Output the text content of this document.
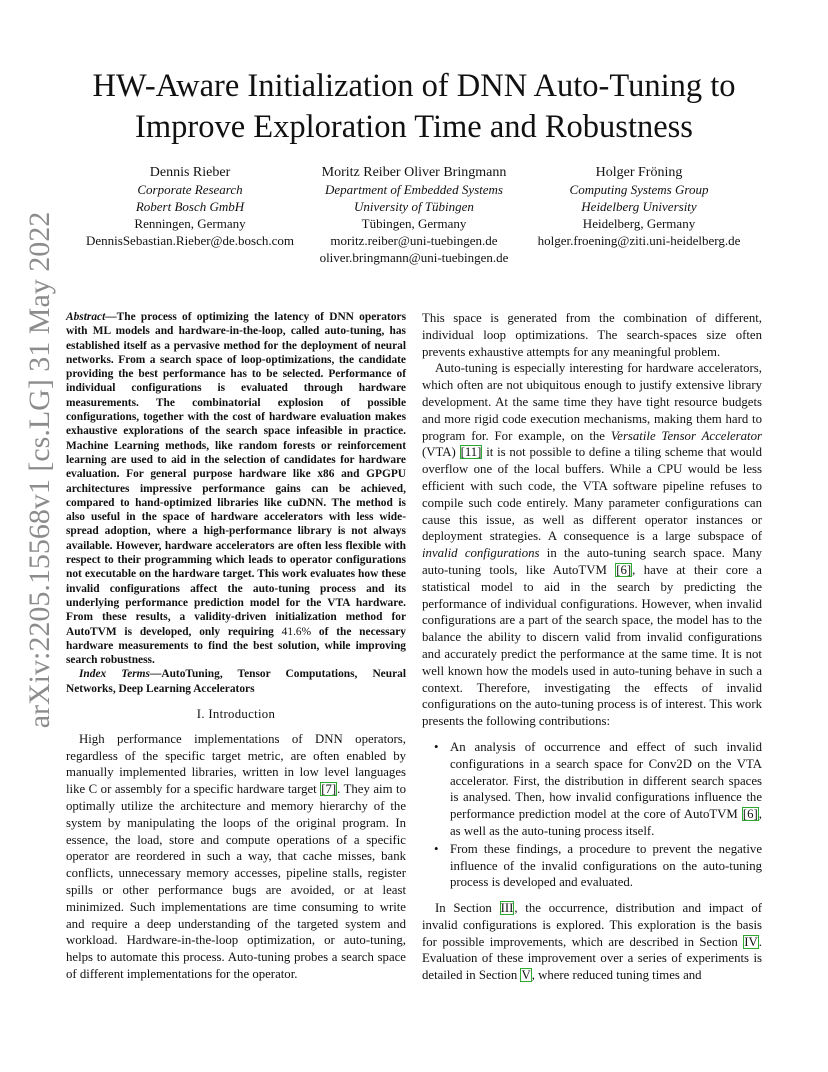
HW-Aware Initialization of DNN Auto-Tuning to
Improve Exploration Time and Robustness
Dennis Rieber
Corporate Research
Robert Bosch GmbH
Renningen, Germany
DennisSebastian.Rieber@de.bosch.com
Moritz Reiber Oliver Bringmann
Department of Embedded Systems
University of Tübingen
Tübingen, Germany
moritz.reiber@uni-tuebingen.de
oliver.bringmann@uni-tuebingen.de
Holger Fröning
Computing Systems Group
Heidelberg University
Heidelberg, Germany
holger.froening@ziti.uni-heidelberg.de
arXiv:2205.15568v1 [cs.LG] 31 May 2022 Abstract—The process of optimizing the latency of DNN operators with ML models and hardware-in-the-loop, called auto-tuning, has established itself as a pervasive method for the deployment of neural networks. From a search space of loop-optimizations, the candidate providing the best performance has to be selected. Performance of individual configurations is evaluated through hardware measurements. The combinatorial explosion of possible configurations, together with the cost of hardware evaluation makes exhaustive explorations of the search space infeasible in practice. Machine Learning methods, like random forests or reinforcement learning are used to aid in the selection of candidates for hardware evaluation. For general purpose hardware like x86 and GPGPU architectures impressive performance gains can be achieved, compared to hand-optimized libraries like cuDNN. The method is also useful in the space of hardware accelerators with less wide-spread adoption, where a high-performance library is not always available. However, hardware accelerators are often less flexible with respect to their programming which leads to operator configurations not executable on the hardware target. This work evaluates how these invalid configurations affect the auto-tuning process and its underlying performance prediction model for the VTA hardware. From these results, a validity-driven initialization method for AutoTVM is developed, only requiring 41.6% of the necessary hardware measurements to find the best solution, while improving search robustness.

Index Terms—AutoTuning, Tensor Computations, Neural Networks, Deep Learning Accelerators

I. Introduction

High performance implementations of DNN operators, regardless of the specific target metric, are often enabled by manually implemented libraries, written in low level languages like C or assembly for a specific hardware target [7]. They aim to optimally utilize the architecture and memory hierarchy of the system by manipulating the loops of the original program. In essence, the load, store and compute operations of a specific operator are reordered in such a way, that cache misses, bank conflicts, unnecessary memory accesses, pipeline stalls, register spills or other performance bugs are avoided, or at least minimized. Such implementations are time consuming to write and require a deep understanding of the targeted system and workload. Hardware-in-the-loop optimization, or auto-tuning, helps to automate this process. Auto-tuning probes a search space of different implementations for the operator.

This space is generated from the combination of different, individual loop optimizations. The search-spaces size often prevents exhaustive attempts for any meaningful problem.

Auto-tuning is especially interesting for hardware accelerators, which often are not ubiquitous enough to justify extensive library development. At the same time they have tight resource budgets and more rigid code execution mechanisms, making them hard to program for. For example, on the Versatile Tensor Accelerator (VTA) [11] it is not possible to define a tiling scheme that would overflow one of the local buffers. While a CPU would be less efficient with such code, the VTA software pipeline refuses to compile such code entirely. Many parameter configurations can cause this issue, as well as different operator instances or deployment strategies. A consequence is a large subspace of invalid configurations in the auto-tuning search space. Many auto-tuning tools, like AutoTVM [6], have at their core a statistical model to aid in the search by predicting the performance of individual configurations. However, when invalid configurations are a part of the search space, the model has to the balance the ability to discern valid from invalid configurations and accurately predict the performance at the same time. It is not well known how the models used in auto-tuning behave in such a context. Therefore, investigating the effects of invalid configurations on the auto-tuning process is of interest. This work presents the following contributions:

• An analysis of occurrence and effect of such invalid configurations in a search space for Conv2D on the VTA accelerator. First, the distribution in different search spaces is analysed. Then, how invalid configurations influence the performance prediction model at the core of AutoTVM [6], as well as the auto-tuning process itself.
• From these findings, a procedure to prevent the negative influence of the invalid configurations on the auto-tuning process is developed and evaluated.

In Section III, the occurrence, distribution and impact of invalid configurations is explored. This exploration is the basis for possible improvements, which are described in Section IV. Evaluation of these improvement over a series of experiments is detailed in Section V, where reduced tuning times and
